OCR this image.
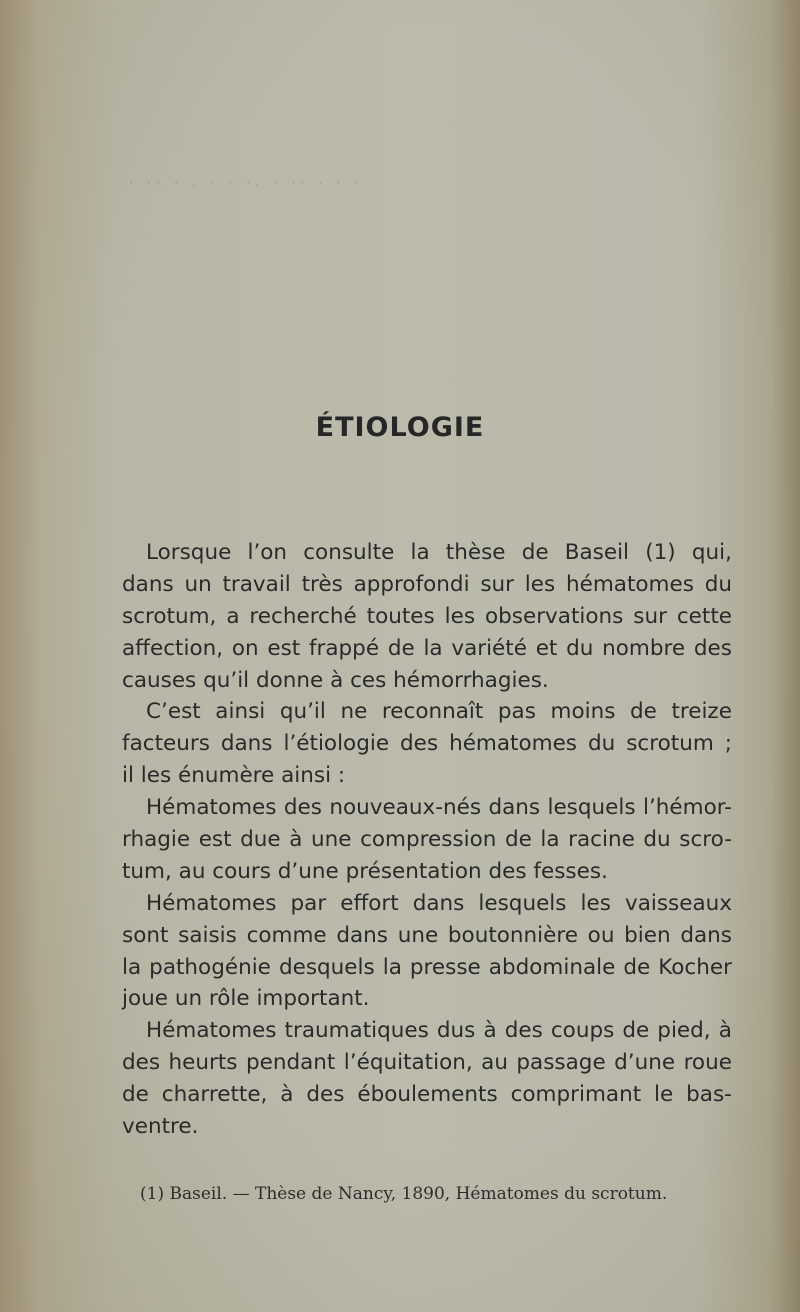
· ·· · . · · ·. · ·· · · ·
ÉTIOLOGIE
Lorsque l’on consulte la thèse de Baseil (1) qui,
dans un travail très approfondi sur les hématomes du
scrotum, a recherché toutes les observations sur cette
affection, on est frappé de la variété et du nombre des
causes qu’il donne à ces hémorrhagies.
C’est ainsi qu’il ne reconnaît pas moins de treize
facteurs dans l’étiologie des hématomes du scrotum ;
il les énumère ainsi :
Hématomes des nouveaux-nés dans lesquels l’hémor-
rhagie est due à une compression de la racine du scro-
tum, au cours d’une présentation des fesses.
Hématomes par effort dans lesquels les vaisseaux
sont saisis comme dans une boutonnière ou bien dans
la pathogénie desquels la presse abdominale de Kocher
joue un rôle important.
Hématomes traumatiques dus à des coups de pied, à
des heurts pendant l’équitation, au passage d’une roue
de charrette, à des éboulements comprimant le bas-
ventre.
(1) Baseil. — Thèse de Nancy, 1890, Hématomes du scrotum.
